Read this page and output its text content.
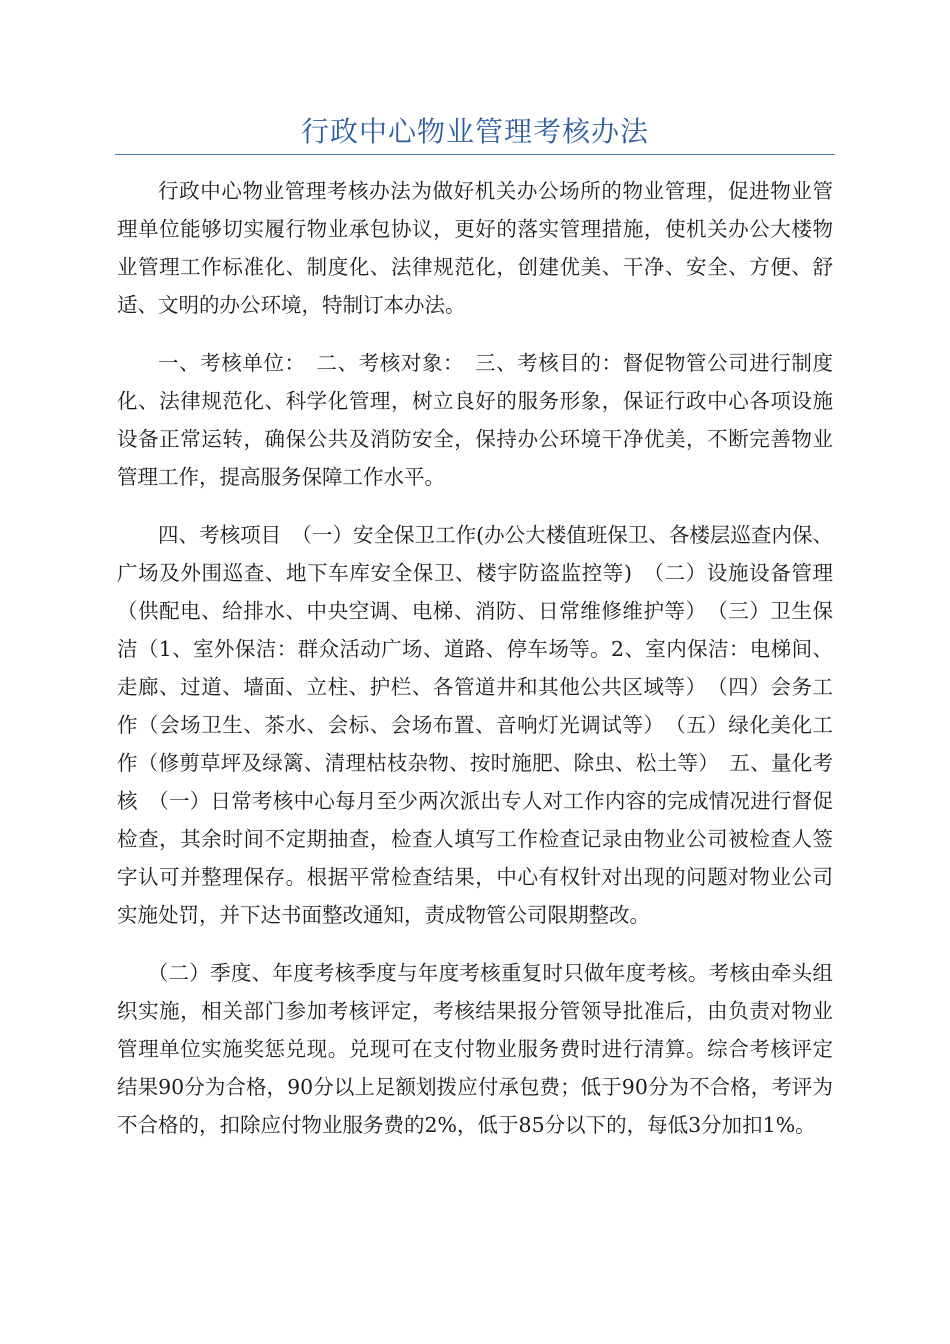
行政中心物业管理考核办法

行政中心物业管理考核办法为做好机关办公场所的物业管理，促进物业管理单位能够切实履行物业承包协议，更好的落实管理措施，使机关办公大楼物业管理工作标准化、制度化、法律规范化，创建优美、干净、安全、方便、舒适、文明的办公环境，特制订本办法。

一、考核单位：　二、考核对象：　三、考核目的：督促物管公司进行制度化、法律规范化、科学化管理，树立良好的服务形象，保证行政中心各项设施设备正常运转，确保公共及消防安全，保持办公环境干净优美，不断完善物业管理工作，提高服务保障工作水平。

四、考核项目　（一）安全保卫工作(办公大楼值班保卫、各楼层巡查内保、广场及外围巡查、地下车库安全保卫、楼宇防盗监控等)　（二）设施设备管理（供配电、给排水、中央空调、电梯、消防、日常维修维护等）　（三）卫生保洁（1、室外保洁：群众活动广场、道路、停车场等。2、室内保洁：电梯间、走廊、过道、墙面、立柱、护栏、各管道井和其他公共区域等）　（四）会务工作（会场卫生、茶水、会标、会场布置、音响灯光调试等）　（五）绿化美化工作（修剪草坪及绿篱、清理枯枝杂物、按时施肥、除虫、松土等）　五、量化考核　（一）日常考核中心每月至少两次派出专人对工作内容的完成情况进行督促检查，其余时间不定期抽查，检查人填写工作检查记录由物业公司被检查人签字认可并整理保存。根据平常检查结果，中心有权针对出现的问题对物业公司实施处罚，并下达书面整改通知，责成物管公司限期整改。

（二）季度、年度考核季度与年度考核重复时只做年度考核。考核由牵头组织实施，相关部门参加考核评定，考核结果报分管领导批准后，由负责对物业管理单位实施奖惩兑现。兑现可在支付物业服务费时进行清算。综合考核评定结果90分为合格，90分以上足额划拨应付承包费；低于90分为不合格，考评为不合格的，扣除应付物业服务费的2%，低于85分以下的，每低3分加扣1%。
